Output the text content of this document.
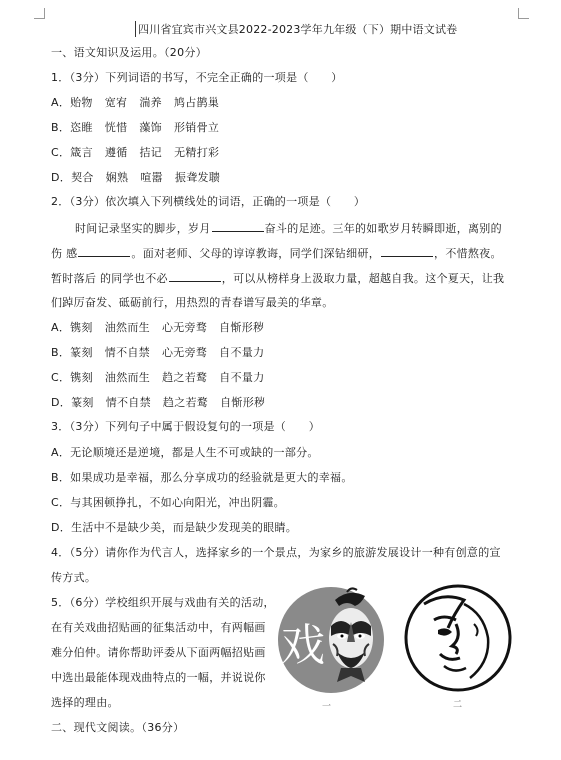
四川省宜宾市兴文县2022-2023学年九年级（下）期中语文试卷
一、语文知识及运用。（20分）
1．（3分）下列词语的书写，不完全正确的一项是（　　）
A．贻物 宽宥 湍养 鸠占鹊巢
B．恣睢 恍惜 藻饰 形销骨立
C．箴言 遵循 拮记 无精打彩
D．契合 娴熟 喧嚣 振聋发聩
2．（3分）依次填入下列横线处的词语，正确的一项是（　　）
时间记录坚实的脚步，岁月	奋斗的足迹。三年的如歌岁月转瞬即逝，离别的
伤 感	。面对老师、父母的谆谆教诲，同学们深钻细研，	，不惜熬夜。
暂时落后 的同学也不必	，可以从榜样身上汲取力量，超越自我。这个夏天，让我
们踔厉奋发、砥砺前行，用热烈的青春谱写最美的华章。
A．镌刻 油然而生 心无旁骛 自惭形秽
B．篆刻 情不自禁 心无旁骛 自不量力
C．镌刻 油然而生 趋之若鹜 自不量力
D．篆刻 情不自禁 趋之若鹜 自惭形秽
3．（3分）下列句子中属于假设复句的一项是（　　）
A．无论顺境还是逆境，都是人生不可或缺的一部分。
B．如果成功是幸福，那么分享成功的经验就是更大的幸福。
C．与其困顿挣扎，不如心向阳光，冲出阴霾。
D．生活中不是缺少美，而是缺少发现美的眼睛。
4．（5分）请你作为代言人，选择家乡的一个景点，为家乡的旅游发展设计一种有创意的宣
传方式。
5．（6分）学校组织开展与戏曲有关的活动，
在有关戏曲招贴画的征集活动中，有两幅画
难分伯仲。请你帮助评委从下面两幅招贴画
中选出最能体现戏曲特点的一幅，并说说你
选择的理由。
戏
一	二
二、现代文阅读。（36分）
